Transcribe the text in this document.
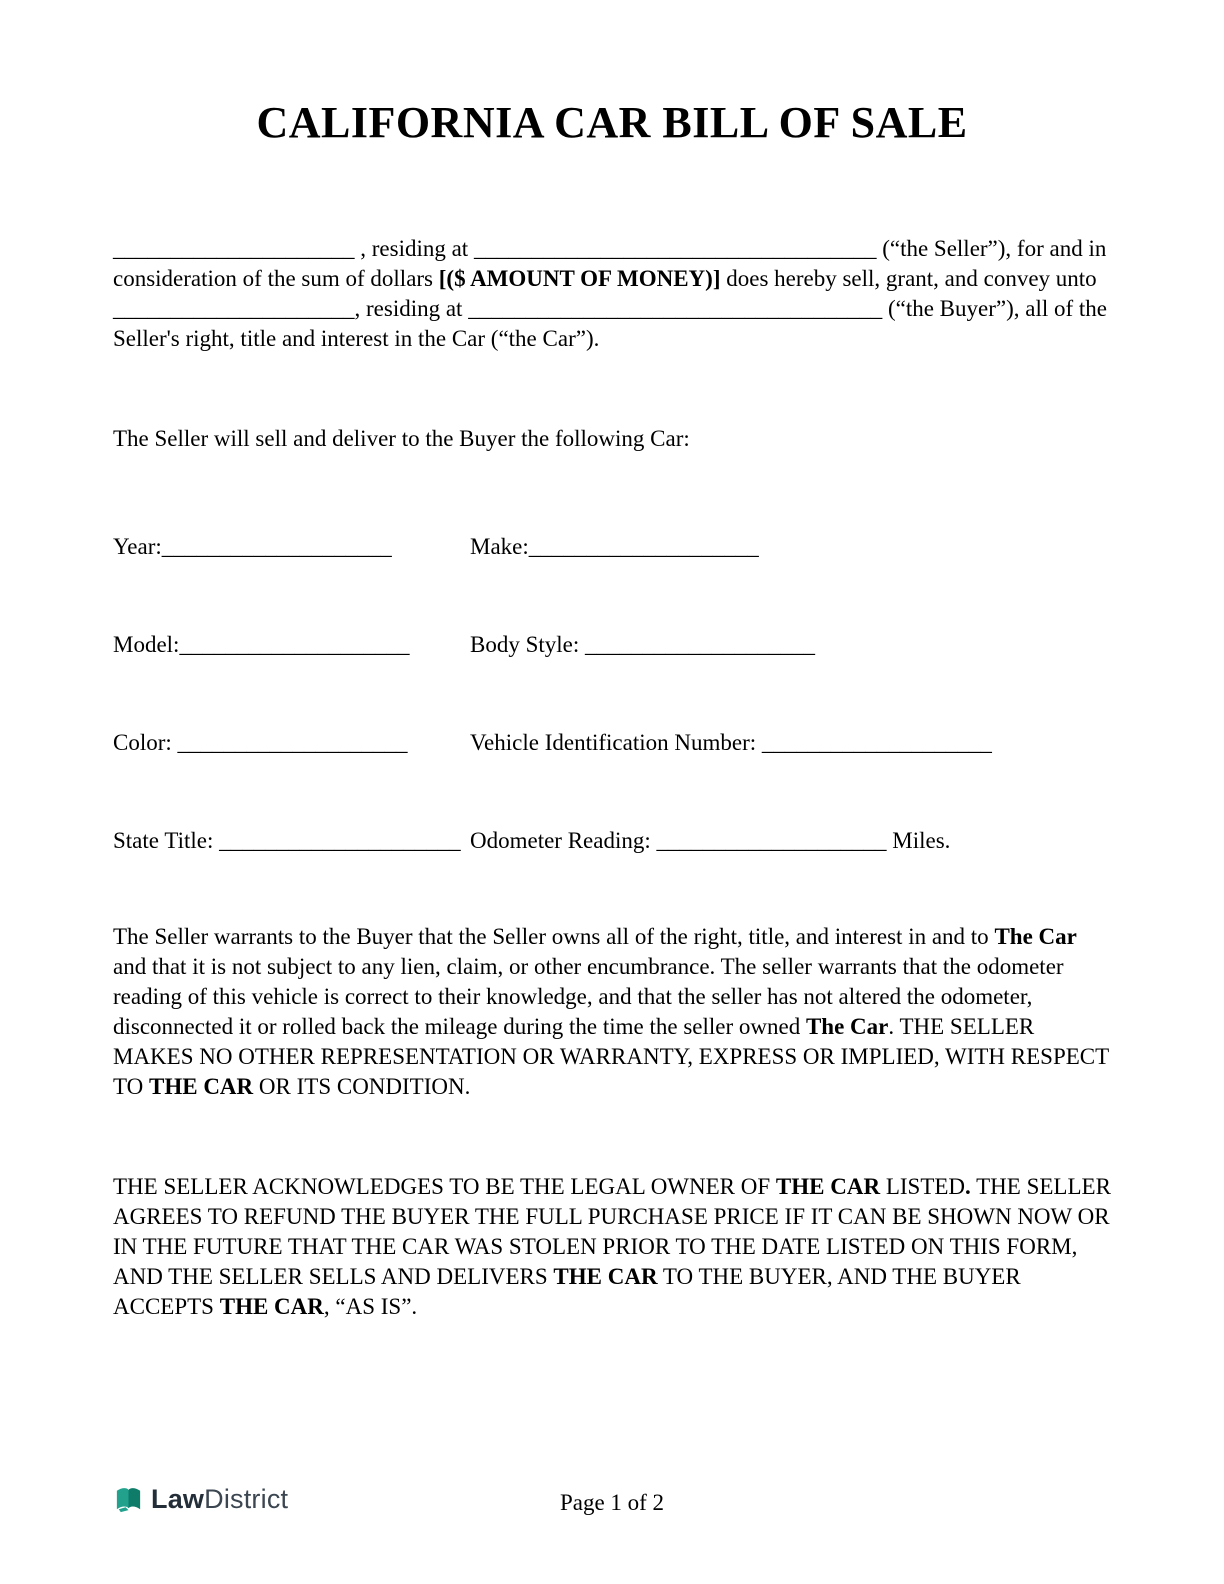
CALIFORNIA CAR BILL OF SALE

_____________________ , residing at ___________________________________ (“the Seller”), for and in consideration of the sum of dollars [($ AMOUNT OF MONEY)] does hereby sell, grant, and convey unto _____________________, residing at ____________________________________ (“the Buyer”), all of the Seller's right, title and interest in the Car (“the Car”).

The Seller will sell and deliver to the Buyer the following Car:

Year:____________________	Make:____________________
Model:____________________	Body Style: ____________________
Color: ____________________	Vehicle Identification Number: ____________________
State Title: _____________________ Odometer Reading: ____________________ Miles.

The Seller warrants to the Buyer that the Seller owns all of the right, title, and interest in and to The Car and that it is not subject to any lien, claim, or other encumbrance. The seller warrants that the odometer reading of this vehicle is correct to their knowledge, and that the seller has not altered the odometer, disconnected it or rolled back the mileage during the time the seller owned The Car. THE SELLER MAKES NO OTHER REPRESENTATION OR WARRANTY, EXPRESS OR IMPLIED, WITH RESPECT TO THE CAR OR ITS CONDITION.

THE SELLER ACKNOWLEDGES TO BE THE LEGAL OWNER OF THE CAR LISTED. THE SELLER AGREES TO REFUND THE BUYER THE FULL PURCHASE PRICE IF IT CAN BE SHOWN NOW OR IN THE FUTURE THAT THE CAR WAS STOLEN PRIOR TO THE DATE LISTED ON THIS FORM, AND THE SELLER SELLS AND DELIVERS THE CAR TO THE BUYER, AND THE BUYER ACCEPTS THE CAR, “AS IS”.

LawDistrict	Page 1 of 2
